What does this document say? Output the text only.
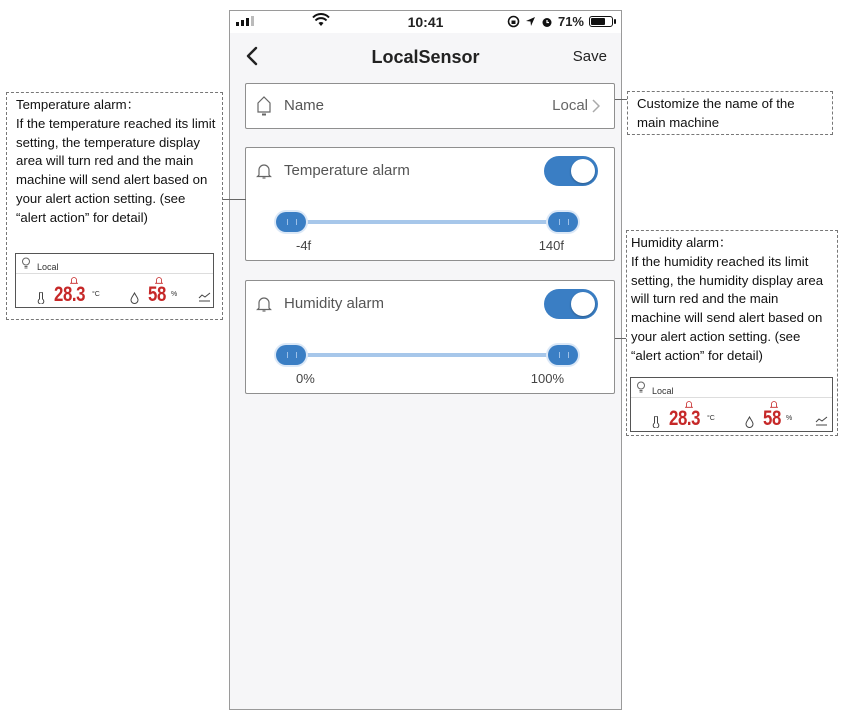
10:41	71%
LocalSensor	Save
Name	Local
Temperature alarm
-4f	140f
Humidity alarm
0%	100%

Temperature alarm：

If the temperature reached its limit setting, the temperature display area will turn red and the main machine will send alert based on your alert action setting. (see “alert action” for detail)

Local
28.3 °C 58 %

Customize the name of the main machine

Humidity alarm：

If the humidity reached its limit setting, the humidity display area will turn red and the main machine will send alert based on your alert action setting. (see “alert action” for detail)

Local
28.3 °C 58 %
